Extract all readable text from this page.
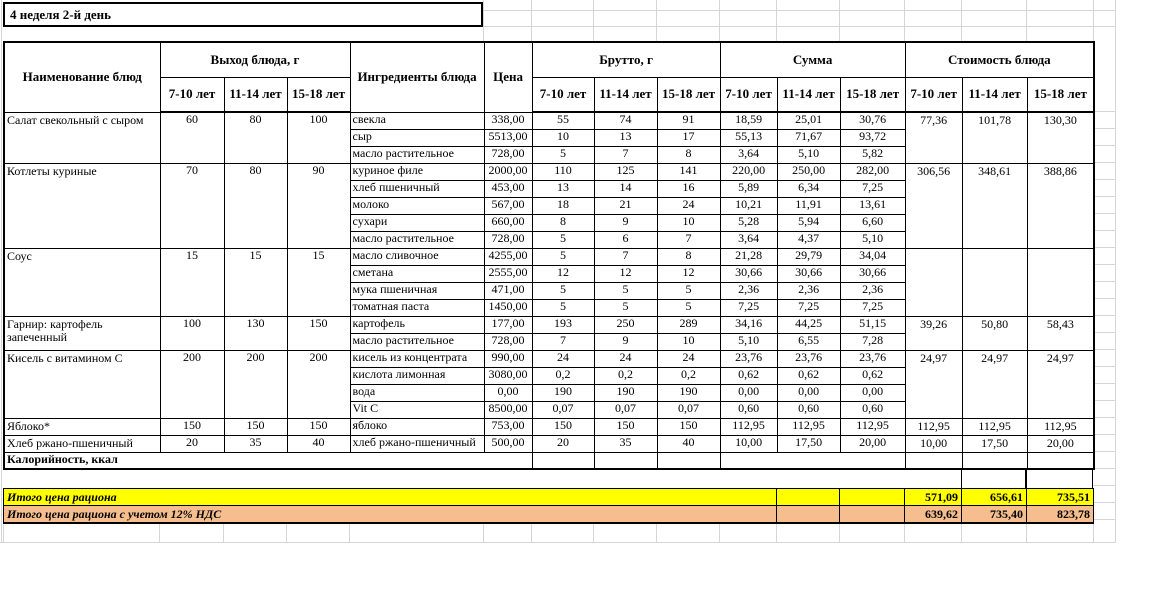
4 неделя 2-й день
Наименование блюд	Выход блюда, г			Ингредиенты блюда	Цена	Брутто, г			Сумма			Стоимость блюда		
	7-10 лет	11-14 лет	15-18 лет			7-10 лет	11-14 лет	15-18 лет	7-10 лет	11-14 лет	15-18 лет	7-10 лет	11-14 лет	15-18 лет
Салат свекольный с сыром	60	80	100	свекла	338,00	55	74	91	18,59	25,01	30,76	77,36	101,78	130,30
				сыр	5513,00	10	13	17	55,13	71,67	93,72			
				масло растительное	728,00	5	7	8	3,64	5,10	5,82			
Котлеты куриные	70	80	90	куриное филе	2000,00	110	125	141	220,00	250,00	282,00	306,56	348,61	388,86
				хлеб пшеничный	453,00	13	14	16	5,89	6,34	7,25			
				молоко	567,00	18	21	24	10,21	11,91	13,61			
				сухари	660,00	8	9	10	5,28	5,94	6,60			
				масло растительное	728,00	5	6	7	3,64	4,37	5,10			
Соус	15	15	15	масло сливочное	4255,00	5	7	8	21,28	29,79	34,04			
				сметана	2555,00	12	12	12	30,66	30,66	30,66			
				мука пшеничная	471,00	5	5	5	2,36	2,36	2,36			
				томатная паста	1450,00	5	5	5	7,25	7,25	7,25			
Гарнир: картофель запеченный	100	130	150	картофель	177,00	193	250	289	34,16	44,25	51,15	39,26	50,80	58,43
				масло растительное	728,00	7	9	10	5,10	6,55	7,28			
Кисель с витамином С	200	200	200	кисель из концентрата	990,00	24	24	24	23,76	23,76	23,76	24,97	24,97	24,97
				кислота лимонная	3080,00	0,2	0,2	0,2	0,62	0,62	0,62			
				вода	0,00	190	190	190	0,00	0,00	0,00			
				Vit C	8500,00	0,07	0,07	0,07	0,60	0,60	0,60			
Яблоко*	150	150	150	яблоко	753,00	150	150	150	112,95	112,95	112,95	112,95	112,95	112,95
Хлеб ржано-пшеничный	20	35	40	хлеб ржано-пшеничный	500,00	20	35	40	10,00	17,50	20,00	10,00	17,50	20,00
Калорийность, ккал														
Итого цена рациона			571,09	656,61	735,51
Итого цена рациона с учетом 12% НДС			639,62	735,40	823,78
